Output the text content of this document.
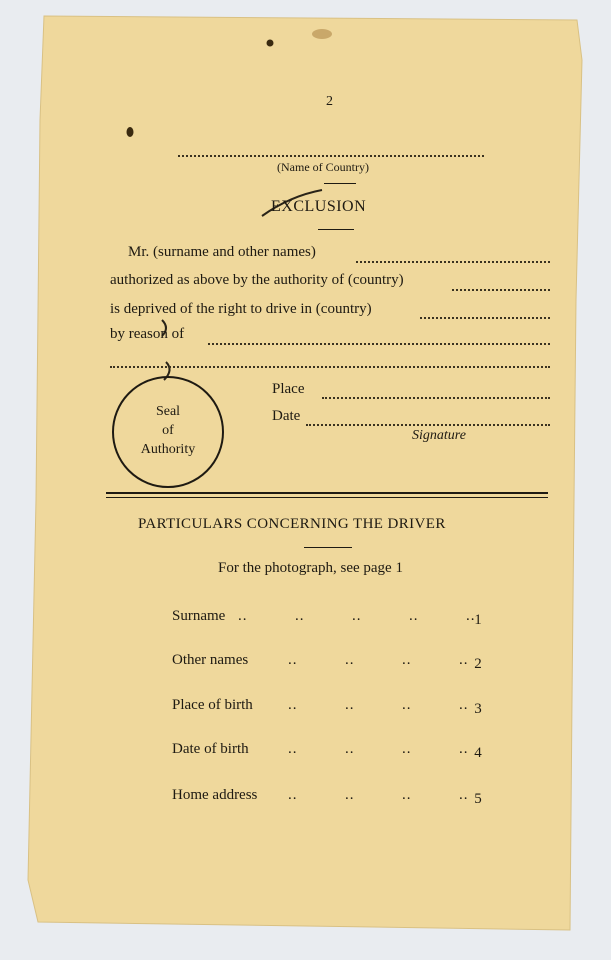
2
(Name of Country)
EXCLUSION
Mr. (surname and other names)
authorized as above by the authority of (country)
is deprived of the right to drive in (country)
by reason of
Seal
of
Authority
Place
Date
Signature
PARTICULARS CONCERNING THE DRIVER
For the photograph, see page 1
Surname ..          ..          ..          ..          ..
1
Other names	..          ..          ..          .. 2
Place of birth ..          ..          ..          .. 3
Date of birth	..          ..          ..          .. 4
Home address ..          ..          ..          .. 5
